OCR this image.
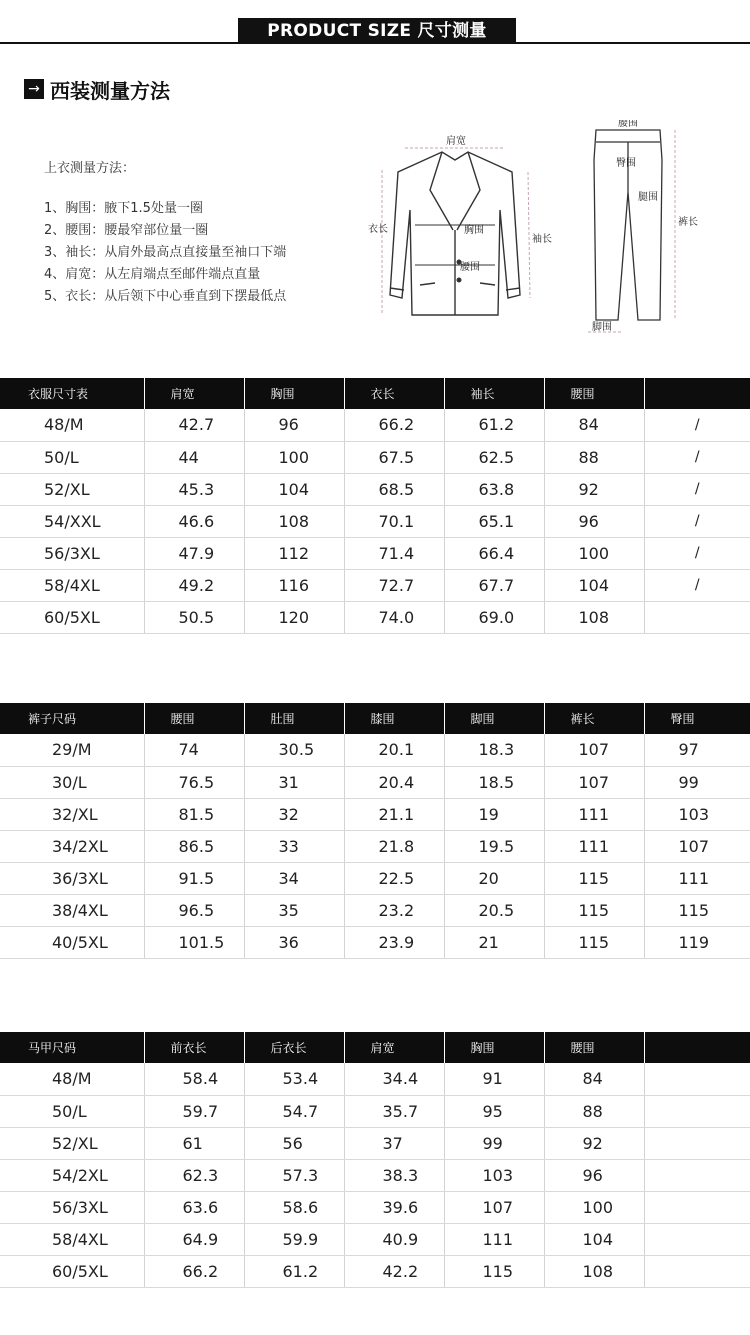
PRODUCT SIZE 尺寸测量
→ 西装测量方法
上衣测量方法：
1、胸围：腋下1.5处量一圈
2、腰围：腰最窄部位量一圈
3、袖长：从肩外最高点直接量至袖口下端
4、肩宽：从左肩端点至邮件端点直量
5、衣长：从后领下中心垂直到下摆最低点
肩宽
衣长	胸围
腰围
袖长
腰围
臀围
腿围
脚围
裤长
衣服尺寸表	肩宽	胸围	衣长	袖长	腰围	
48/M	42.7	96	66.2	61.2	84	/
50/L	44	100	67.5	62.5	88	/
52/XL	45.3	104	68.5	63.8	92	/
54/XXL	46.6	108	70.1	65.1	96	/
56/3XL	47.9	112	71.4	66.4	100	/
58/4XL	49.2	116	72.7	67.7	104	/
60/5XL	50.5	120	74.0	69.0	108	
裤子尺码	腰围	肚围	膝围	脚围	裤长	臀围
29/M	74	30.5	20.1	18.3	107	97
30/L	76.5	31	20.4	18.5	107	99
32/XL	81.5	32	21.1	19	111	103
34/2XL	86.5	33	21.8	19.5	111	107
36/3XL	91.5	34	22.5	20	115	111
38/4XL	96.5	35	23.2	20.5	115	115
40/5XL	101.5	36	23.9	21	115	119
马甲尺码	前衣长	后衣长	肩宽	胸围	腰围	
48/M	58.4	53.4	34.4	91	84	
50/L	59.7	54.7	35.7	95	88	
52/XL	61	56	37	99	92	
54/2XL	62.3	57.3	38.3	103	96	
56/3XL	63.6	58.6	39.6	107	100	
58/4XL	64.9	59.9	40.9	111	104	
60/5XL	66.2	61.2	42.2	115	108	
